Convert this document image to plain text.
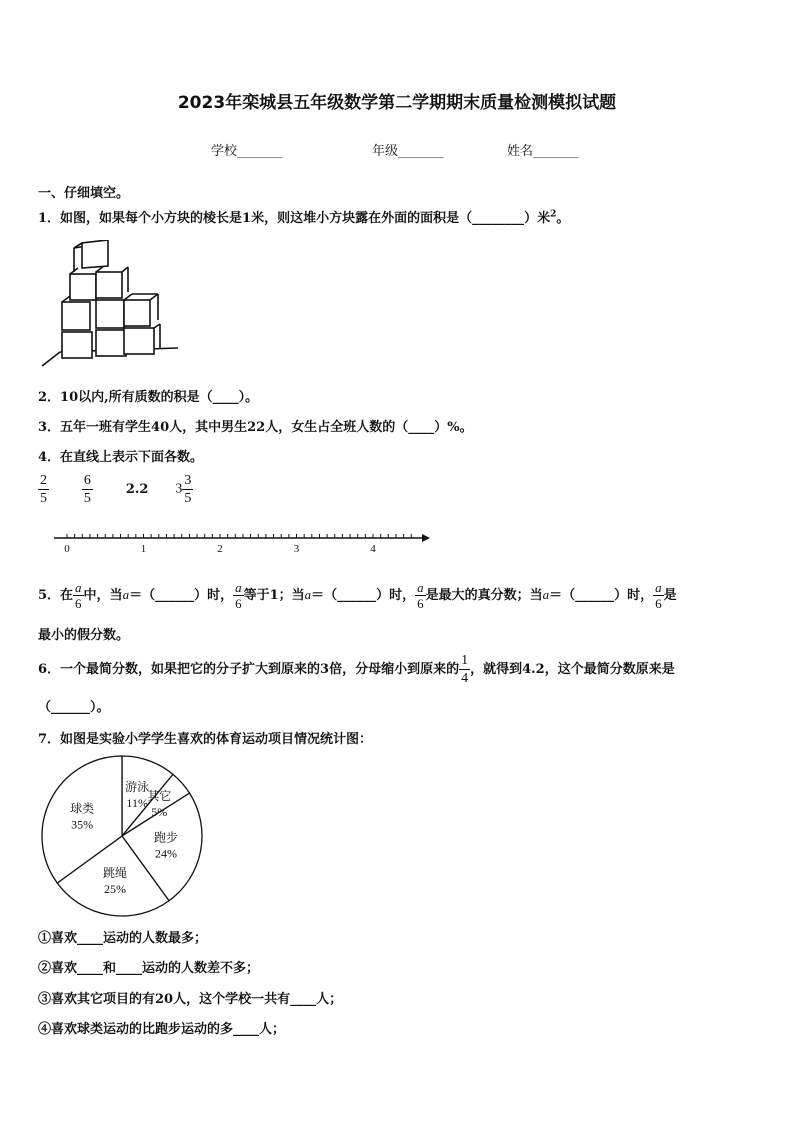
2023年栾城县五年级数学第二学期期末质量检测模拟试题
学校_______	年级_______	姓名_______
一、仔细填空。
1．如图，如果每个小方块的棱长是1米，则这堆小方块露在外面的面积是（________）米$^2$。
2．10以内,所有质数的积是（____）。
3．五年一班有学生40人，其中男生22人，女生占全班人数的（____）%。
4．在直线上表示下面各数。
$\frac{2}{5}$
$\frac{6}{5}$	2.2 $3 \frac{3}{5}$
0	1	2	3	4
5．在 $\frac{a}{6}$ 中，当a＝（______）时， $\frac{a}{6}$ 等于1；当a＝（______）时， $\frac{a}{6}$ 是最大的真分数；当a＝（______）时， $\frac{a}{6}$ 是
最小的假分数。
6．一个最简分数，如果把它的分子扩大到原来的3倍，分母缩小到原来的 $\frac{1}{4}$ ，就得到4.2，这个最简分数原来是
（______）。
7．如图是实验小学学生喜欢的体育运动项目情况统计图：
游泳
11% 其它
5%
跑步
24%
跳绳
25%
球类
35%
①喜欢____运动的人数最多；
②喜欢____和____运动的人数差不多；
③喜欢其它项目的有20人，这个学校一共有____人；
④喜欢球类运动的比跑步运动的多____人；
